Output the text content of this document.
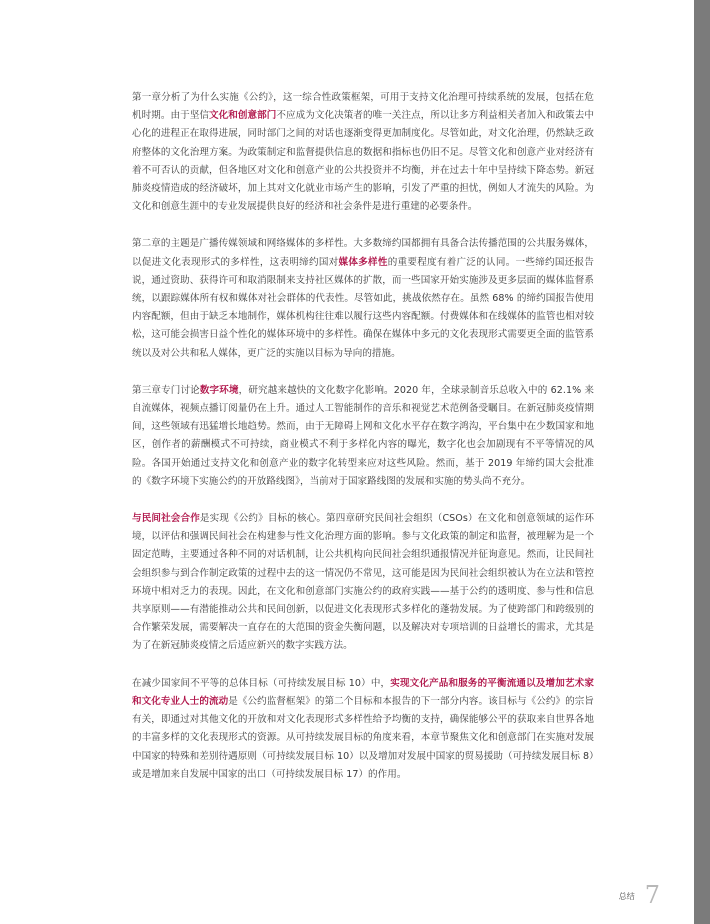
第一章分析了为什么实施《公约》，这一综合性政策框架，可用于支持文化治理可持续系统的发展，包括在危机时期。由于坚信文化和创意部门不应成为文化决策者的唯一关注点，所以让多方利益相关者加入和政策去中心化的进程正在取得进展，同时部门之间的对话也逐渐变得更加制度化。尽管如此，对文化治理，仍然缺乏政府整体的文化治理方案。为政策制定和监督提供信息的数据和指标也仍旧不足。尽管文化和创意产业对经济有着不可否认的贡献，但各地区对文化和创意产业的公共投资并不均衡，并在过去十年中呈持续下降态势。新冠肺炎疫情造成的经济破坏，加上其对文化就业市场产生的影响，引发了严重的担忧，例如人才流失的风险。为文化和创意生涯中的专业发展提供良好的经济和社会条件是进行重建的必要条件。

第二章的主题是广播传媒领域和网络媒体的多样性。大多数缔约国都拥有具备合法传播范围的公共服务媒体，以促进文化表现形式的多样性，这表明缔约国对媒体多样性的重要程度有着广泛的认同。一些缔约国还报告说，通过资助、获得许可和取消限制来支持社区媒体的扩散，而一些国家开始实施涉及更多层面的媒体监督系统，以跟踪媒体所有权和媒体对社会群体的代表性。尽管如此，挑战依然存在。虽然 68% 的缔约国报告使用内容配额，但由于缺乏本地制作，媒体机构往往难以履行这些内容配额。付费媒体和在线媒体的监管也相对较松，这可能会损害日益个性化的媒体环境中的多样性。确保在媒体中多元的文化表现形式需要更全面的监管系统以及对公共和私人媒体，更广泛的实施以目标为导向的措施。

第三章专门讨论数字环境，研究越来越快的文化数字化影响。2020 年，全球录制音乐总收入中的 62.1% 来自流媒体，视频点播订阅量仍在上升。通过人工智能制作的音乐和视觉艺术范例备受瞩目。在新冠肺炎疫情期间，这些领域有迅猛增长地趋势。然而，由于无障碍上网和文化水平存在数字鸿沟，平台集中在少数国家和地区，创作者的薪酬模式不可持续，商业模式不利于多样化内容的曝光，数字化也会加剧现有不平等情况的风险。各国开始通过支持文化和创意产业的数字化转型来应对这些风险。然而，基于 2019 年缔约国大会批准的《数字环境下实施公约的开放路线图》，当前对于国家路线图的发展和实施的势头尚不充分。

与民间社会合作是实现《公约》目标的核心。第四章研究民间社会组织（CSOs）在文化和创意领域的运作环境，以评估和强调民间社会在构建参与性文化治理方面的影响。参与文化政策的制定和监督，被理解为是一个固定范畴，主要通过各种不同的对话机制，让公共机构向民间社会组织通报情况并征询意见。然而，让民间社会组织参与到合作制定政策的过程中去的这一情况仍不常见，这可能是因为民间社会组织被认为在立法和管控环境中相对乏力的表现。因此，在文化和创意部门实施公约的政府实践——基于公约的透明度、参与性和信息共享原则——有潜能推动公共和民间创新，以促进文化表现形式多样化的蓬勃发展。为了使跨部门和跨级别的合作繁荣发展，需要解决一直存在的大范围的资金失衡问题，以及解决对专项培训的日益增长的需求，尤其是为了在新冠肺炎疫情之后适应新兴的数字实践方法。

在减少国家间不平等的总体目标（可持续发展目标 10）中，实现文化产品和服务的平衡流通以及增加艺术家和文化专业人士的流动是《公约监督框架》的第二个目标和本报告的下一部分内容。该目标与《公约》的宗旨有关，即通过对其他文化的开放和对文化表现形式多样性给予均衡的支持，确保能够公平的获取来自世界各地的丰富多样的文化表现形式的资源。从可持续发展目标的角度来看，本章节聚焦文化和创意部门在实施对发展中国家的特殊和差别待遇原则（可持续发展目标 10）以及增加对发展中国家的贸易援助（可持续发展目标 8）或是增加来自发展中国家的出口（可持续发展目标 17）的作用。

总结 7
